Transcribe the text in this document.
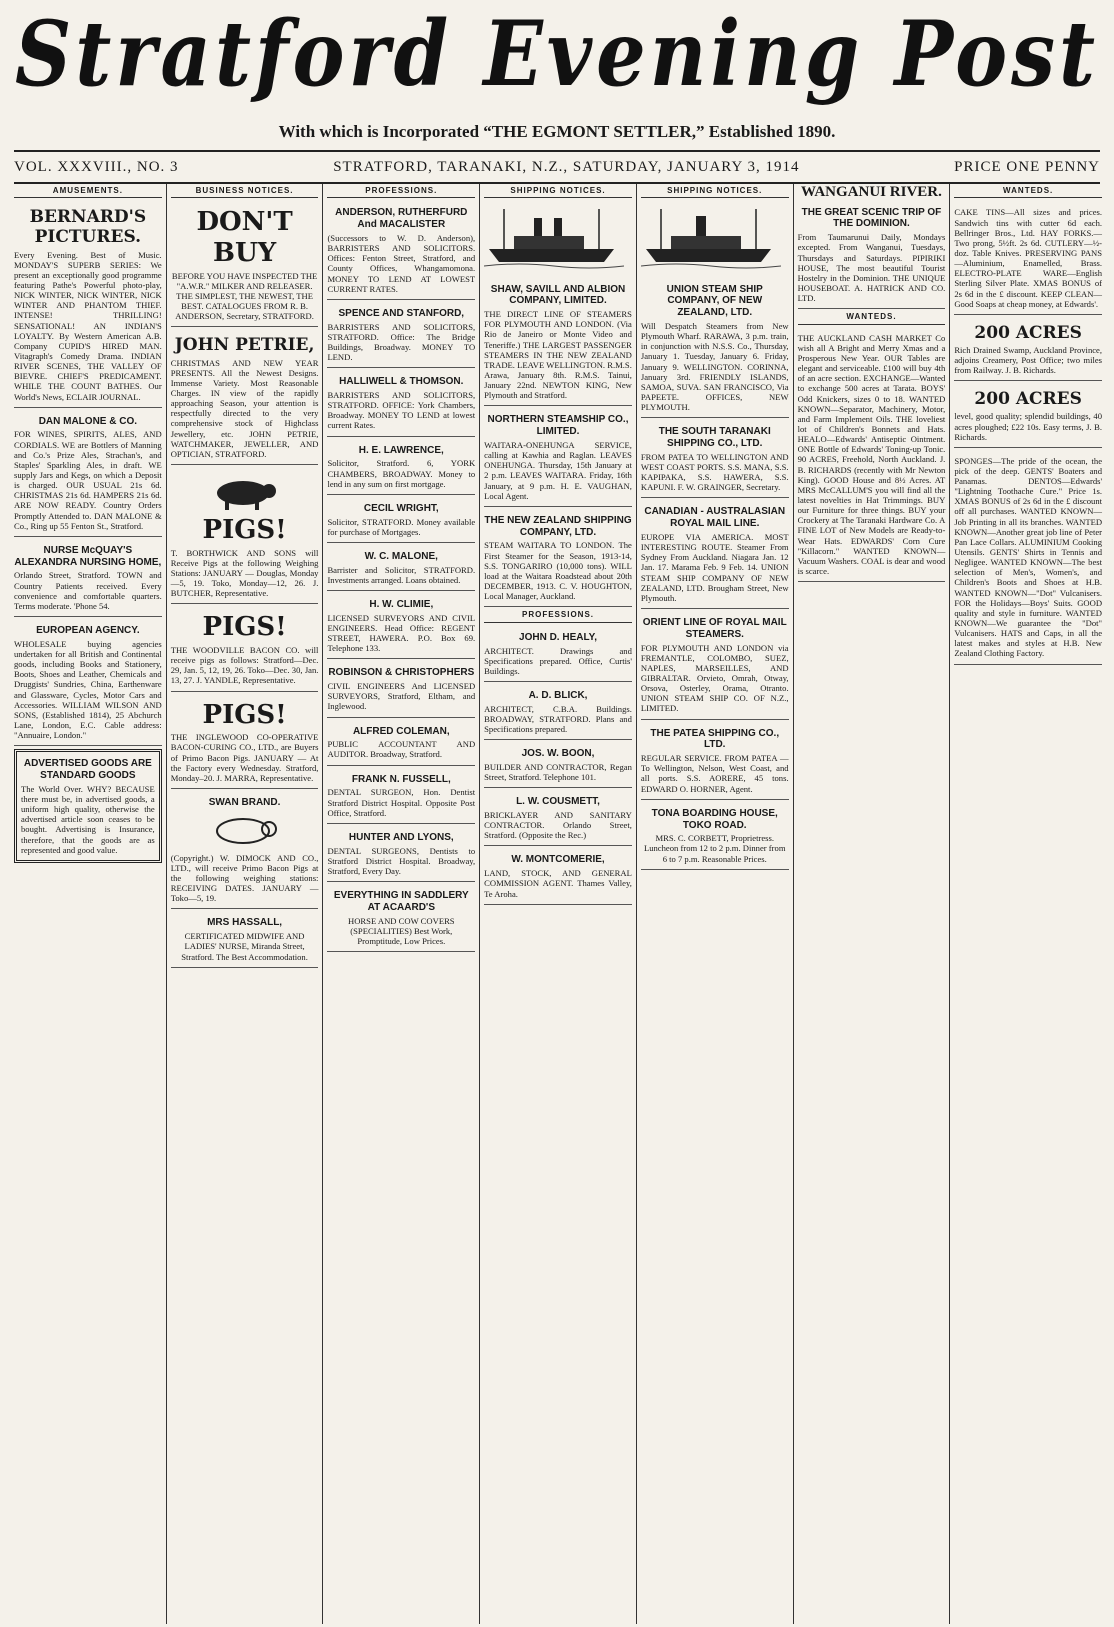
Stratford Evening Post
With which is Incorporated “THE EGMONT SETTLER,” Established 1890.
VOL. XXXVIII., NO. 3	STRATFORD, TARANAKI, N.Z., SATURDAY, JANUARY 3, 1914	PRICE ONE PENNY
AMUSEMENTS.
BERNARD'S PICTURES.

Every Evening. Best of Music. MONDAY'S SUPERB SERIES: We present an exceptionally good programme featuring Pathe's Powerful photo-play, NICK WINTER, NICK WINTER, NICK WINTER AND PHANTOM THIEF. INTENSE! THRILLING! SENSATIONAL! AN INDIAN'S LOYALTY. By Western American A.B. Company CUPID'S HIRED MAN. Vitagraph's Comedy Drama. INDIAN RIVER SCENES, THE VALLEY OF BIEVRE. CHIEF'S PREDICAMENT. WHILE THE COUNT BATHES. Our World's News, ECLAIR JOURNAL.

DAN MALONE & CO.

FOR WINES, SPIRITS, ALES, AND CORDIALS. WE are Bottlers of Manning and Co.'s Prize Ales, Strachan's, and Staples' Sparkling Ales, in draft. WE supply Jars and Kegs, on which a Deposit is charged. OUR USUAL 21s 6d. CHRISTMAS 21s 6d. HAMPERS 21s 6d. ARE NOW READY. Country Orders Promptly Attended to. DAN MALONE & Co., Ring up 55 Fenton St., Stratford.

NURSE McQUAY'S ALEXANDRA NURSING HOME,

Orlando Street, Stratford. TOWN and Country Patients received. Every convenience and comfortable quarters. Terms moderate. 'Phone 54.

EUROPEAN AGENCY.

WHOLESALE buying agencies undertaken for all British and Continental goods, including Books and Stationery, Boots, Shoes and Leather, Chemicals and Druggists' Sundries, China, Earthenware and Glassware, Cycles, Motor Cars and Accessories. WILLIAM WILSON AND SONS, (Established 1814), 25 Abchurch Lane, London, E.C. Cable address: "Annuaire, London."

ADVERTISED GOODS ARE STANDARD GOODS

The World Over. WHY? BECAUSE there must be, in advertised goods, a uniform high quality, otherwise the advertised article soon ceases to be bought. Advertising is Insurance, therefore, that the goods are as represented and good value.

BUSINESS NOTICES.
DON'T BUY

BEFORE YOU HAVE INSPECTED THE "A.W.R." MILKER AND RELEASER. THE SIMPLEST, THE NEWEST, THE BEST. CATALOGUES FROM R. B. ANDERSON, Secretary, STRATFORD.

JOHN PETRIE,

CHRISTMAS AND NEW YEAR PRESENTS. All the Newest Designs. Immense Variety. Most Reasonable Charges. IN view of the rapidly approaching Season, your attention is respectfully directed to the very comprehensive stock of Highclass Jewellery, etc. JOHN PETRIE, WATCHMAKER, JEWELLER, AND OPTICIAN, STRATFORD.

PIGS!

T. BORTHWICK AND SONS will Receive Pigs at the following Weighing Stations: JANUARY — Douglas, Monday—5, 19. Toko, Monday—12, 26. J. BUTCHER, Representative.

PIGS!

THE WOODVILLE BACON CO. will receive pigs as follows: Stratford—Dec. 29, Jan. 5, 12, 19, 26. Toko—Dec. 30, Jan. 13, 27. J. YANDLE, Representative.

PIGS!

THE INGLEWOOD CO-OPERATIVE BACON-CURING CO., LTD., are Buyers of Primo Bacon Pigs. JANUARY — At the Factory every Wednesday. Stratford, Monday–20. J. MARRA, Representative.

SWAN BRAND.

(Copyright.) W. DIMOCK AND CO., LTD., will receive Primo Bacon Pigs at the following weighing stations: RECEIVING DATES. JANUARY — Toko—5, 19.

MRS HASSALL,

CERTIFICATED MIDWIFE AND LADIES' NURSE, Miranda Street, Stratford. The Best Accommodation.

PROFESSIONS.
ANDERSON, RUTHERFURD And MACALISTER

(Successors to W. D. Anderson), BARRISTERS AND SOLICITORS. Offices: Fenton Street, Stratford, and County Offices, Whangamomona. MONEY TO LEND AT LOWEST CURRENT RATES.

SPENCE AND STANFORD,

BARRISTERS AND SOLICITORS, STRATFORD. Office: The Bridge Buildings, Broadway. MONEY TO LEND.

HALLIWELL & THOMSON.

BARRISTERS AND SOLICITORS, STRATFORD. OFFICE: York Chambers, Broadway. MONEY TO LEND at lowest current Rates.

H. E. LAWRENCE,

Solicitor, Stratford. 6, YORK CHAMBERS, BROADWAY. Money to lend in any sum on first mortgage.

CECIL WRIGHT,

Solicitor, STRATFORD. Money available for purchase of Mortgages.

W. C. MALONE,

Barrister and Solicitor, STRATFORD. Investments arranged. Loans obtained.

H. W. CLIMIE,

LICENSED SURVEYORS AND CIVIL ENGINEERS. Head Office: REGENT STREET, HAWERA. P.O. Box 69. Telephone 133.

ROBINSON & CHRISTOPHERS

CIVIL ENGINEERS And LICENSED SURVEYORS, Stratford, Eltham, and Inglewood.

ALFRED COLEMAN,

PUBLIC ACCOUNTANT AND AUDITOR. Broadway, Stratford.

FRANK N. FUSSELL,

DENTAL SURGEON, Hon. Dentist Stratford District Hospital. Opposite Post Office, Stratford.

HUNTER AND LYONS,

DENTAL SURGEONS, Dentists to Stratford District Hospital. Broadway, Stratford, Every Day.

EVERYTHING IN SADDLERY AT ACAARD'S

HORSE AND COW COVERS (SPECIALITIES) Best Work, Promptitude, Low Prices.

SHIPPING NOTICES.
SHAW, SAVILL AND ALBION COMPANY, LIMITED.

THE DIRECT LINE OF STEAMERS FOR PLYMOUTH AND LONDON. (Via Rio de Janeiro or Monte Video and Teneriffe.) THE LARGEST PASSENGER STEAMERS IN THE NEW ZEALAND TRADE. LEAVE WELLINGTON. R.M.S. Arawa, January 8th. R.M.S. Tainui, January 22nd. NEWTON KING, New Plymouth and Stratford.

NORTHERN STEAMSHIP CO., LIMITED.

WAITARA-ONEHUNGA SERVICE, calling at Kawhia and Raglan. LEAVES ONEHUNGA. Thursday, 15th January at 2 p.m. LEAVES WAITARA. Friday, 16th January, at 9 p.m. H. E. VAUGHAN, Local Agent.

THE NEW ZEALAND SHIPPING COMPANY, LTD.

STEAM WAITARA TO LONDON. The First Steamer for the Season, 1913-14, S.S. TONGARIRO (10,000 tons). WILL load at the Waitara Roadstead about 20th DECEMBER, 1913. C. V. HOUGHTON, Local Manager, Auckland.

PROFESSIONS.
JOHN D. HEALY,

ARCHITECT. Drawings and Specifications prepared. Office, Curtis' Buildings.

A. D. BLICK,

ARCHITECT, C.B.A. Buildings. BROADWAY, STRATFORD. Plans and Specifications prepared.

JOS. W. BOON,

BUILDER AND CONTRACTOR, Regan Street, Stratford. Telephone 101.

L. W. COUSMETT,

BRICKLAYER AND SANITARY CONTRACTOR. Orlando Street, Stratford. (Opposite the Rec.)

W. MONTCOMERIE,

LAND, STOCK, AND GENERAL COMMISSION AGENT. Thames Valley, Te Aroha.

SHIPPING NOTICES.
UNION STEAM SHIP COMPANY, OF NEW ZEALAND, LTD.

Will Despatch Steamers from New Plymouth Wharf. RARAWA, 3 p.m. train, in conjunction with N.S.S. Co., Thursday, January 1. Tuesday, January 6. Friday, January 9. WELLINGTON. CORINNA, January 3rd. FRIENDLY ISLANDS, SAMOA, SUVA. SAN FRANCISCO, Via PAPEETE. OFFICES, NEW PLYMOUTH.

THE SOUTH TARANAKI SHIPPING CO., LTD.

FROM PATEA TO WELLINGTON AND WEST COAST PORTS. S.S. MANA, S.S. KAPIPAKA, S.S. HAWERA, S.S. KAPUNI. F. W. GRAINGER, Secretary.

CANADIAN - AUSTRALASIAN ROYAL MAIL LINE.

EUROPE VIA AMERICA. MOST INTERESTING ROUTE. Steamer From Sydney From Auckland. Niagara Jan. 12 Jan. 17. Marama Feb. 9 Feb. 14. UNION STEAM SHIP COMPANY OF NEW ZEALAND, LTD. Brougham Street, New Plymouth.

ORIENT LINE OF ROYAL MAIL STEAMERS.

FOR PLYMOUTH AND LONDON via FREMANTLE, COLOMBO, SUEZ, NAPLES, MARSEILLES, AND GIBRALTAR. Orvieto, Omrah, Otway, Orsova, Osterley, Orama, Otranto. UNION STEAM SHIP CO. OF N.Z., LIMITED.

THE PATEA SHIPPING CO., LTD.

REGULAR SERVICE. FROM PATEA — To Wellington, Nelson, West Coast, and all ports. S.S. AORERE, 45 tons. EDWARD O. HORNER, Agent.

TONA BOARDING HOUSE, TOKO ROAD.

MRS. C. CORBETT, Proprietress. Luncheon from 12 to 2 p.m. Dinner from 6 to 7 p.m. Reasonable Prices.

WANGANUI RIVER.
THE GREAT SCENIC TRIP OF THE DOMINION.

From Taumarunui Daily, Mondays excepted. From Wanganui, Tuesdays, Thursdays and Saturdays. PIPIRIKI HOUSE, The most beautiful Tourist Hostelry in the Dominion. THE UNIQUE HOUSEBOAT. A. HATRICK AND CO. LTD.

WANTEDS.

THE AUCKLAND CASH MARKET Co wish all A Bright and Merry Xmas and a Prosperous New Year. OUR Tables are elegant and serviceable. £100 will buy 4th of an acre section. EXCHANGE—Wanted to exchange 500 acres at Tarata. BOYS' Odd Knickers, sizes 0 to 18. WANTED KNOWN—Separator, Machinery, Motor, and Farm Implement Oils. THE loveliest lot of Children's Bonnets and Hats. HEALO—Edwards' Antiseptic Ointment. ONE Bottle of Edwards' Toning-up Tonic. 90 ACRES, Freehold, North Auckland. J. B. RICHARDS (recently with Mr Newton King). GOOD House and 8½ Acres. AT MRS McCALLUM'S you will find all the latest novelties in Hat Trimmings. BUY our Furniture for three things. BUY your Crockery at The Taranaki Hardware Co. A FINE LOT of New Models are Ready-to-Wear Hats. EDWARDS' Corn Cure "Killacorn." WANTED KNOWN—Vacuum Washers. COAL is dear and wood is scarce.

WANTEDS.

CAKE TINS—All sizes and prices. Sandwich tins with cutter 6d each. Bellringer Bros., Ltd. HAY FORKS.—Two prong, 5½ft. 2s 6d. CUTLERY—½-doz. Table Knives. PRESERVING PANS—Aluminium, Enamelled, Brass. ELECTRO-PLATE WARE—English Sterling Silver Plate. XMAS BONUS of 2s 6d in the £ discount. KEEP CLEAN—Good Soaps at cheap money, at Edwards'.

200 ACRES

Rich Drained Swamp, Auckland Province, adjoins Creamery, Post Office; two miles from Railway. J. B. Richards.

200 ACRES

level, good quality; splendid buildings, 40 acres ploughed; £22 10s. Easy terms, J. B. Richards.

SPONGES—The pride of the ocean, the pick of the deep. GENTS' Boaters and Panamas. DENTOS—Edwards' "Lightning Toothache Cure." Price 1s. XMAS BONUS of 2s 6d in the £ discount off all purchases. WANTED KNOWN—Job Printing in all its branches. WANTED KNOWN—Another great job line of Peter Pan Lace Collars. ALUMINIUM Cooking Utensils. GENTS' Shirts in Tennis and Negligee. WANTED KNOWN—The best selection of Men's, Women's, and Children's Boots and Shoes at H.B. WANTED KNOWN—"Dot" Vulcanisers. FOR the Holidays—Boys' Suits. GOOD quality and style in furniture. WANTED KNOWN—We guarantee the "Dot" Vulcanisers. HATS and Caps, in all the latest makes and styles at H.B. New Zealand Clothing Factory.
